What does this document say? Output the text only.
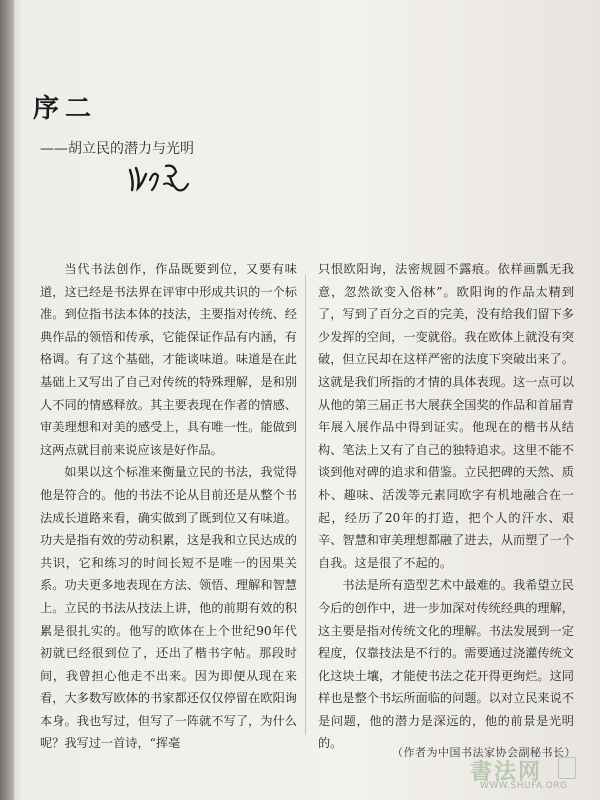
序二
——胡立民的潜力与光明

当代书法创作，作品既要到位，又要有味道，这已经是书法界在评审中形成共识的一个标准。到位指书法本体的技法，主要指对传统、经典作品的领悟和传承，它能保证作品有内涵，有格调。有了这个基础，才能谈味道。味道是在此基础上又写出了自己对传统的特殊理解，是和别人不同的情感释放。其主要表现在作者的情感、审美理想和对美的感受上，具有唯一性。能做到这两点就目前来说应该是好作品。

如果以这个标准来衡量立民的书法，我觉得他是符合的。他的书法不论从目前还是从整个书法成长道路来看，确实做到了既到位又有味道。功夫是指有效的劳动积累，这是我和立民达成的共识，它和练习的时间长短不是唯一的因果关系。功夫更多地表现在方法、领悟、理解和智慧上。立民的书法从技法上讲，他的前期有效的积累是很扎实的。他写的欧体在上个世纪90年代初就已经很到位了，还出了楷书字帖。那段时间，我曾担心他走不出来。因为即便从现在来看，大多数写欧体的书家都还仅仅停留在欧阳询本身。我也写过，但写了一阵就不写了，为什么呢？我写过一首诗，“挥毫

只恨欧阳询，法密规圆不露痕。依样画瓢无我意，忽然欲变入俗林”。欧阳询的作品太精到了，写到了百分之百的完美，没有给我们留下多少发挥的空间，一变就俗。我在欧体上就没有突破，但立民却在这样严密的法度下突破出来了。这就是我们所指的才情的具体表现。这一点可以从他的第三届正书大展获全国奖的作品和首届青年展入展作品中得到证实。他现在的楷书从结构、笔法上又有了自己的独特追求。这里不能不谈到他对碑的追求和借鉴。立民把碑的天然、质朴、趣味、活泼等元素同欧字有机地融合在一起，经历了20年的打造，把个人的汗水、艰辛、智慧和审美理想都融了进去，从而塑了一个自我。这是很了不起的。

书法是所有造型艺术中最难的。我希望立民今后的创作中，进一步加深对传统经典的理解，这主要是指对传统文化的理解。书法发展到一定程度，仅靠技法是不行的。需要通过浇灌传统文化这块土壤，才能使书法之花开得更绚烂。这同样也是整个书坛所面临的问题。以对立民来说不是问题，他的潜力是深远的，他的前景是光明的。

（作者为中国书法家协会副秘书长）
書法网
WWW.SHUFA.ORG
